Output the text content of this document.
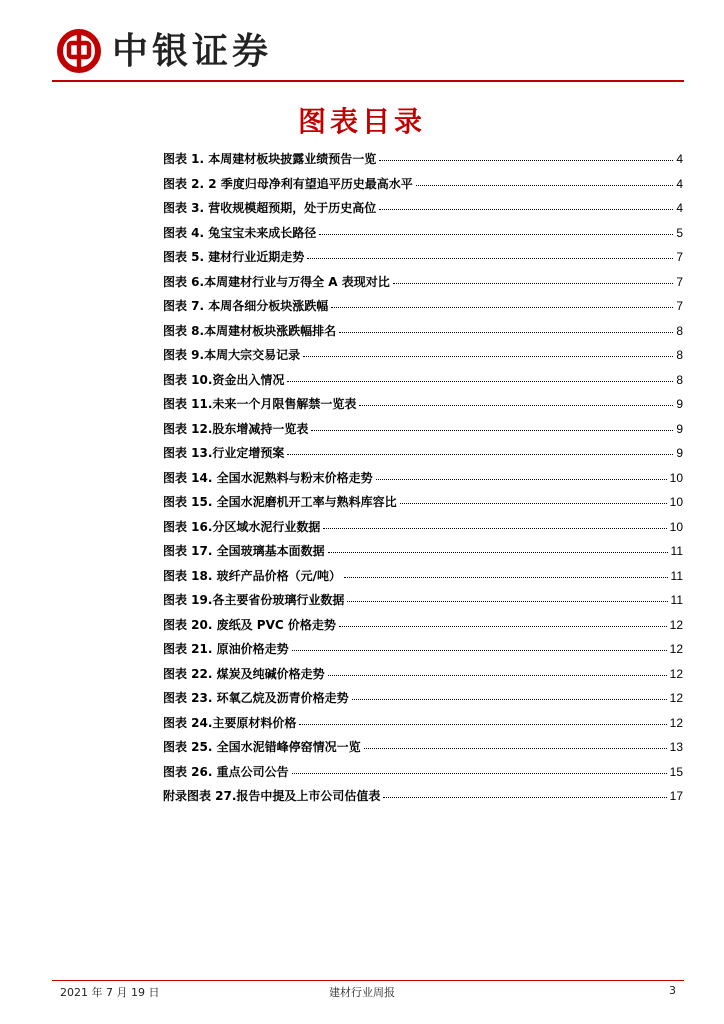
中银证券
图表目录
图表 1. 本周建材板块披露业绩预告一览	4
图表 2. 2 季度归母净利有望追平历史最高水平	4
图表 3. 营收规模超预期，处于历史高位	4
图表 4. 兔宝宝未来成长路径	5
图表 5. 建材行业近期走势	7
图表 6.本周建材行业与万得全 A 表现对比	7
图表 7. 本周各细分板块涨跌幅	7
图表 8.本周建材板块涨跌幅排名	8
图表 9.本周大宗交易记录	8
图表 10.资金出入情况	8
图表 11.未来一个月限售解禁一览表	9
图表 12.股东增减持一览表	9
图表 13.行业定增预案	9
图表 14. 全国水泥熟料与粉末价格走势	10
图表 15. 全国水泥磨机开工率与熟料库容比	10
图表 16.分区域水泥行业数据	10
图表 17. 全国玻璃基本面数据	11
图表 18. 玻纤产品价格（元/吨）	11
图表 19.各主要省份玻璃行业数据	11
图表 20. 废纸及 PVC 价格走势	12
图表 21. 原油价格走势	12
图表 22. 煤炭及纯碱价格走势	12
图表 23. 环氧乙烷及沥青价格走势	12
图表 24.主要原材料价格	12
图表 25. 全国水泥错峰停窑情况一览	13
图表 26. 重点公司公告	15
附录图表 27.报告中提及上市公司估值表	17
2021 年 7 月 19 日	建材行业周报	3
